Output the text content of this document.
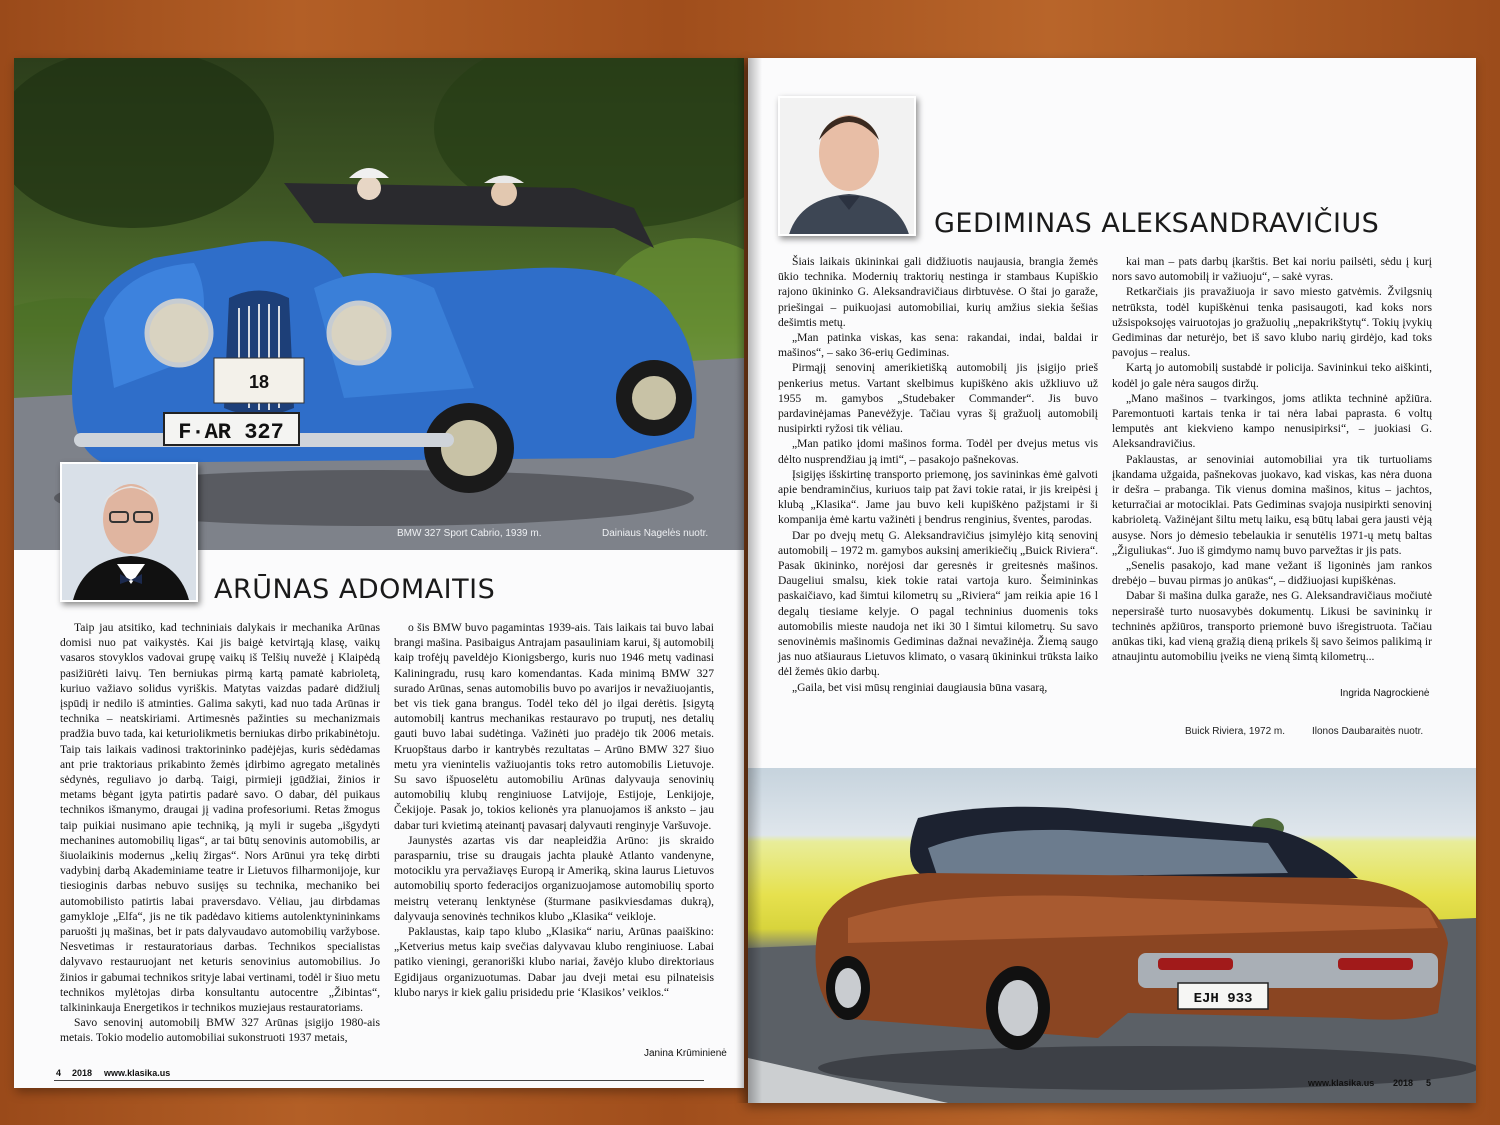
F·AR 327
18
BMW 327 Sport Cabrio, 1939 m.	Dainiaus Nagelės nuotr.
ARŪNAS ADOMAITIS

Taip jau atsitiko, kad techniniais dalykais ir mechanika Arūnas domisi nuo pat vaikystės. Kai jis baigė ketvirtąją klasę, vaikų vasaros stovyklos vadovai grupę vaikų iš Telšių nuvežė į Klaipėdą pasižiūrėti laivų. Ten berniukas pirmą kartą pamatė kabrioletą, kuriuo važiavo solidus vyriškis. Matytas vaizdas padarė didžiulį įspūdį ir nedilo iš atminties. Galima sakyti, kad nuo tada Arūnas ir technika – neatskiriami. Artimesnės pažinties su mechanizmais pradžia buvo tada, kai keturiolikmetis berniukas dirbo prikabinėtoju. Taip tais laikais vadinosi traktorininko padėjėjas, kuris sėdėdamas ant prie traktoriaus prikabinto žemės įdirbimo agregato metalinės sėdynės, reguliavo jo darbą. Taigi, pirmieji įgūdžiai, žinios ir metams bėgant įgyta patirtis padarė savo. O dabar, dėl puikaus technikos išmanymo, draugai jį vadina profesoriumi. Retas žmogus taip puikiai nusimano apie techniką, ją myli ir sugeba „išgydyti mechanines automobilių ligas“, ar tai būtų senovinis automobilis, ar šiuolaikinis modernus „kelių žirgas“. Nors Arūnui yra tekę dirbti vadybinį darbą Akademiniame teatre ir Lietuvos filharmonijoje, kur tiesioginis darbas nebuvo susijęs su technika, mechaniko bei automobilisto patirtis labai praversdavo. Vėliau, jau dirbdamas gamykloje „Elfa“, jis ne tik padėdavo kitiems autolenktynininkams paruošti jų mašinas, bet ir pats dalyvaudavo automobilių varžybose. Nesvetimas ir restauratoriaus darbas. Technikos specialistas dalyvavo restauruojant net keturis senovinius automobilius. Jo žinios ir gabumai technikos srityje labai vertinami, todėl ir šiuo metu technikos mylėtojas dirba konsultantu autocentre „Žibintas“, talkininkauja Energetikos ir technikos muziejaus restauratoriams.

Savo senovinį automobilį BMW 327 Arūnas įsigijo 1980-ais metais. Tokio modelio automobiliai sukonstruoti 1937 metais,

o šis BMW buvo pagamintas 1939-ais. Tais laikais tai buvo labai brangi mašina. Pasibaigus Antrajam pasauliniam karui, šį automobilį kaip trofėjų paveldėjo Kionigsbergo, kuris nuo 1946 metų vadinasi Kaliningradu, rusų karo komendantas. Kada minimą BMW 327 surado Arūnas, senas automobilis buvo po avarijos ir nevažiuojantis, bet vis tiek gana brangus. Todėl teko dėl jo ilgai derėtis. Įsigytą automobilį kantrus mechanikas restauravo po truputį, nes detalių gauti buvo labai sudėtinga. Važinėti juo pradėjo tik 2006 metais. Kruopštaus darbo ir kantrybės rezultatas – Arūno BMW 327 šiuo metu yra vienintelis važiuojantis toks retro automobilis Lietuvoje. Su savo išpuoselėtu automobiliu Arūnas dalyvauja senovinių automobilių klubų renginiuose Latvijoje, Estijoje, Lenkijoje, Čekijoje. Pasak jo, tokios kelionės yra planuojamos iš anksto – jau dabar turi kvietimą ateinantį pavasarį dalyvauti renginyje Varšuvoje.

Jaunystės azartas vis dar neapleidžia Arūno: jis skraido parasparniu, trise su draugais jachta plaukė Atlanto vandenyne, motociklu yra pervažiavęs Europą ir Ameriką, skina laurus Lietuvos automobilių sporto federacijos organizuojamose automobilių sporto meistrų veteranų lenktynėse (šturmane pasikviesdamas dukrą), dalyvauja senovinės technikos klubo „Klasika“ veikloje.

Paklaustas, kaip tapo klubo „Klasika“ nariu, Arūnas paaiškino: „Ketverius metus kaip svečias dalyvavau klubo renginiuose. Labai patiko vieningi, geranoriški klubo nariai, žavėjo klubo direktoriaus Egidijaus organizuotumas. Dabar jau dveji metai esu pilnateisis klubo narys ir kiek galiu prisidedu prie ‘Klasikos’ veiklos.“

Janina Krūminienė
4 2018 www.klasika.us
GEDIMINAS ALEKSANDRAVIČIUS

Šiais laikais ūkininkai gali didžiuotis naujausia, brangia žemės ūkio technika. Modernių traktorių nestinga ir stambaus Kupiškio rajono ūkininko G. Aleksandravičiaus dirbtuvėse. O štai jo garaže, priešingai – puikuojasi automobiliai, kurių amžius siekia šešias dešimtis metų.

„Man patinka viskas, kas sena: rakandai, indai, baldai ir mašinos“, – sako 36-erių Gediminas.

Pirmąjį senovinį amerikietišką automobilį jis įsigijo prieš penkerius metus. Vartant skelbimus kupiškėno akis užkliuvo už 1955 m. gamybos „Studebaker Commander“. Jis buvo pardavinėjamas Panevėžyje. Tačiau vyras šį gražuolį automobilį nusipirkti ryžosi tik vėliau.

„Man patiko įdomi mašinos forma. Todėl per dvejus metus vis dėlto nusprendžiau ją imti“, – pasakojo pašnekovas.

Įsigijęs išskirtinę transporto priemonę, jos savininkas ėmė galvoti apie bendraminčius, kuriuos taip pat žavi tokie ratai, ir jis kreipėsi į klubą „Klasika“. Jame jau buvo keli kupiškėno pažįstami ir ši kompanija ėmė kartu važinėti į bendrus renginius, šventes, parodas.

Dar po dvejų metų G. Aleksandravičius įsimylėjo kitą senovinį automobilį – 1972 m. gamybos auksinį amerikiečių „Buick Riviera“. Pasak ūkininko, norėjosi dar geresnės ir greitesnės mašinos. Daugeliui smalsu, kiek tokie ratai vartoja kuro. Šeimininkas paskaičiavo, kad šimtui kilometrų su „Riviera“ jam reikia apie 16 l degalų tiesiame kelyje. O pagal techninius duomenis toks automobilis mieste naudoja net iki 30 l šimtui kilometrų. Su savo senovinėmis mašinomis Gediminas dažnai nevažinėja. Žiemą saugo jas nuo atšiauraus Lietuvos klimato, o vasarą ūkininkui trūksta laiko dėl žemės ūkio darbų.

„Gaila, bet visi mūsų renginiai daugiausia būna vasarą,

kai man – pats darbų įkarštis. Bet kai noriu pailsėti, sėdu į kurį nors savo automobilį ir važiuoju“, – sakė vyras.

Retkarčiais jis pravažiuoja ir savo miesto gatvėmis. Žvilgsnių netrūksta, todėl kupiškėnui tenka pasisaugoti, kad koks nors užsispoksojęs vairuotojas jo gražuolių „nepakrikštytų“. Tokių įvykių Gediminas dar neturėjo, bet iš savo klubo narių girdėjo, kad toks pavojus – realus.

Kartą jo automobilį sustabdė ir policija. Savininkui teko aiškinti, kodėl jo gale nėra saugos diržų.

„Mano mašinos – tvarkingos, joms atlikta techninė apžiūra. Paremontuoti kartais tenka ir tai nėra labai paprasta. 6 voltų lemputės ant kiekvieno kampo nenusipirksi“, – juokiasi G. Aleksandravičius.

Paklaustas, ar senoviniai automobiliai yra tik turtuoliams įkandama užgaida, pašnekovas juokavo, kad viskas, kas nėra duona ir dešra – prabanga. Tik vienus domina mašinos, kitus – jachtos, keturračiai ar motociklai. Pats Gediminas svajoja nusipirkti senovinį kabrioletą. Važinėjant šiltu metų laiku, esą būtų labai gera jausti vėją ausyse. Nors jo dėmesio tebelaukia ir senutėlis 1971-ų metų baltas „Žiguliukas“. Juo iš gimdymo namų buvo parvežtas ir jis pats.

„Senelis pasakojo, kad mane vežant iš ligoninės jam rankos drebėjo – buvau pirmas jo anūkas“, – didžiuojasi kupiškėnas.

Dabar ši mašina dulka garaže, nes G. Aleksandravičiaus močiutė nepersirašė turto nuosavybės dokumentų. Likusi be savininkų ir techninės apžiūros, transporto priemonė buvo išregistruota. Tačiau anūkas tiki, kad vieną gražią dieną prikels šį savo šeimos palikimą ir atnaujintu automobiliu įveiks ne vieną šimtą kilometrų...

Ingrida Nagrockienė
Buick Riviera, 1972 m.	Ilonos Daubaraitės nuotr.
EJH 933
www.klasika.us 2018 5
